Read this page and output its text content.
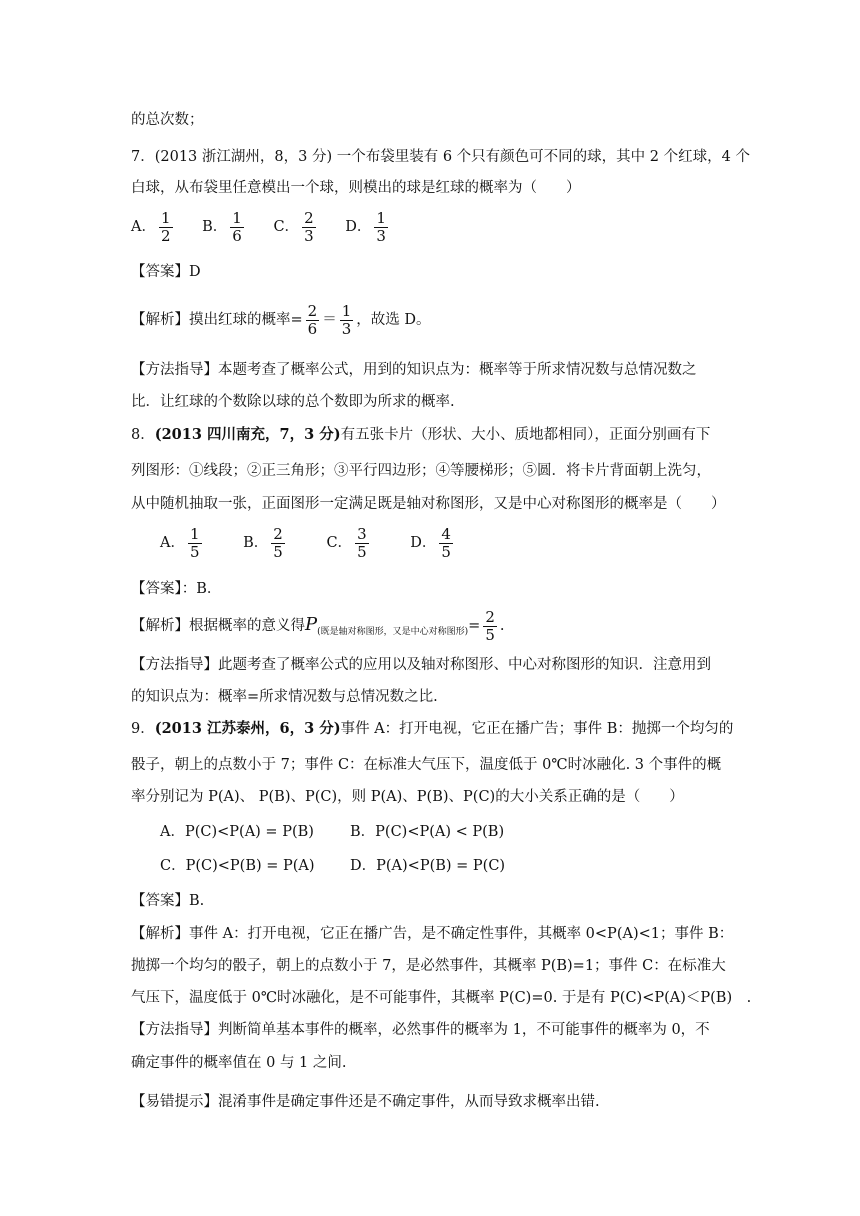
的总次数；
7．(2013 浙江湖州，8，3 分) 一个布袋里装有 6 个只有颜色可不同的球，其中 2 个红球，4 个
白球，从布袋里任意模出一个球，则模出的球是红球的概率为（　　）
A． $\frac{1}{2}$ B． $\frac{1}{6}$ C． $\frac{2}{3}$ D． $\frac{1}{3}$
【答案】D
【解析】摸出红球的概率= $\frac{2}{6} = \frac{1}{3}$ ，故选 D。
【方法指导】本题考查了概率公式，用到的知识点为：概率等于所求情况数与总情况数之
比．让红球的个数除以球的总个数即为所求的概率.
8．(2013 四川南充，7，3 分)有五张卡片（形状、大小、质地都相同），正面分别画有下
列图形：①线段；②正三角形；③平行四边形；④等腰梯形；⑤圆．将卡片背面朝上洗匀，
从中随机抽取一张，正面图形一定满足既是轴对称图形，又是中心对称图形的概率是（　　）
A． $\frac{1}{5}$	B． $\frac{2}{5}$	C． $\frac{3}{5}$	D． $\frac{4}{5}$
【答案】：B．
【解析】根据概率的意义得$P_{(既是轴对称图形,又是中心对称图形)}= \frac{2}{5}$ .
【方法指导】此题考查了概率公式的应用以及轴对称图形、中心对称图形的知识．注意用到
的知识点为：概率=所求情况数与总情况数之比.
9．(2013 江苏泰州，6，3 分)事件 A：打开电视，它正在播广告；事件 B：抛掷一个均匀的
骰子，朝上的点数小于 7；事件 C：在标准大气压下，温度低于 0℃时冰融化. 3 个事件的概
率分别记为 P(A)、 P(B)、P(C)，则 P(A)、P(B)、P(C)的大小关系正确的是（　　）
A．P(C)<P(A) = P(B) B．P(C)<P(A) < P(B)
C．P(C)<P(B) = P(A) D．P(A)<P(B) = P(C)
【答案】B.
【解析】事件 A：打开电视，它正在播广告，是不确定性事件，其概率 0<P(A)<1；事件 B：
抛掷一个均匀的骰子，朝上的点数小于 7，是必然事件，其概率 P(B)=1；事件 C：在标准大
气压下，温度低于 0℃时冰融化，是不可能事件，其概率 P(C)=0. 于是有 P(C)<P(A)＜P(B)　.
【方法指导】判断简单基本事件的概率，必然事件的概率为 1，不可能事件的概率为 0，不
确定事件的概率值在 0 与 1 之间.
【易错提示】混淆事件是确定事件还是不确定事件，从而导致求概率出错.
